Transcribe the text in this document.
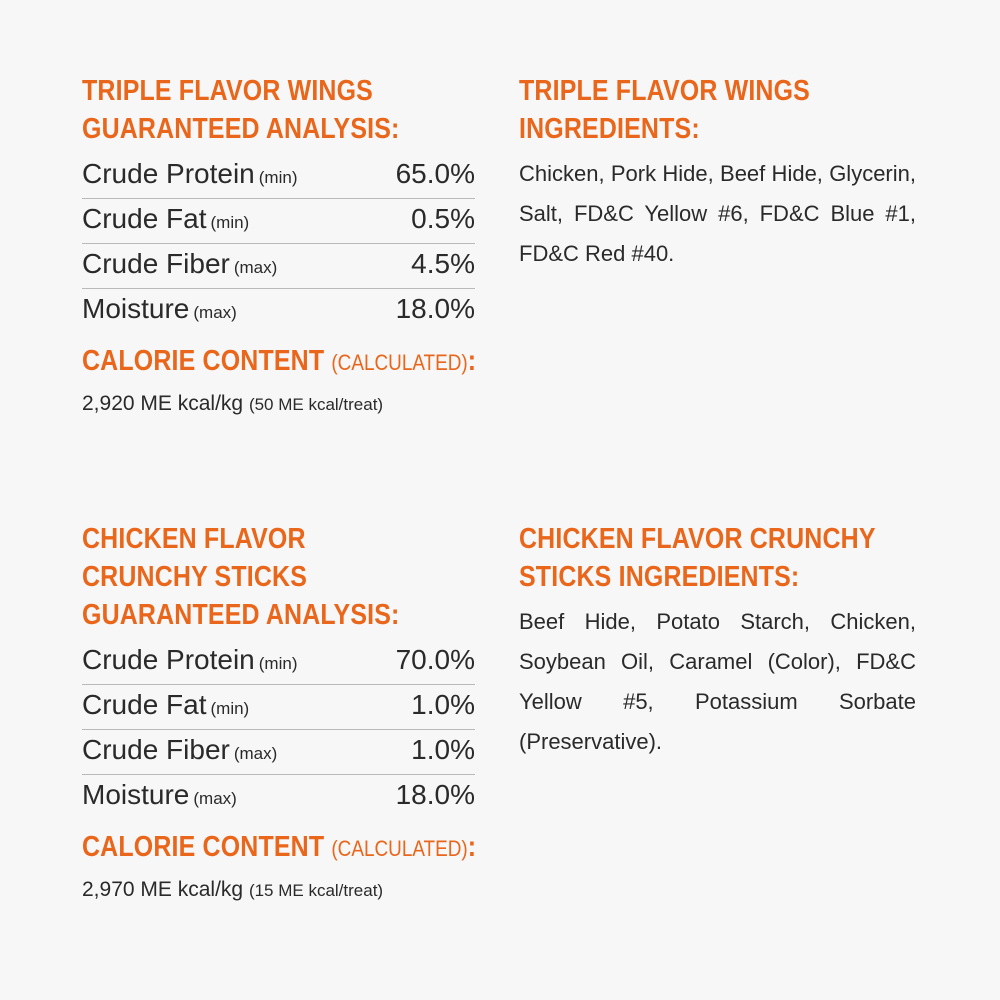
TRIPLE FLAVOR WINGS
GUARANTEED ANALYSIS:
Crude Protein (min)	65.0%
Crude Fat (min)	0.5%
Crude Fiber (max)	4.5%
Moisture (max)	18.0%
CALORIE CONTENT (CALCULATED):
2,920 ME kcal/kg (50 ME kcal/treat)
TRIPLE FLAVOR WINGS
INGREDIENTS:
Chicken, Pork Hide, Beef Hide, Glycerin, Salt, FD&C Yellow #6, FD&C Blue #1, FD&C Red #40.
CHICKEN FLAVOR
CRUNCHY STICKS
GUARANTEED ANALYSIS:
Crude Protein (min)	70.0%
Crude Fat (min)	1.0%
Crude Fiber (max)	1.0%
Moisture (max)	18.0%
CALORIE CONTENT (CALCULATED):
2,970 ME kcal/kg (15 ME kcal/treat)
CHICKEN FLAVOR CRUNCHY
STICKS INGREDIENTS:
Beef Hide, Potato Starch, Chicken, Soybean Oil, Caramel (Color), FD&C Yellow #5, Potassium Sorbate (Preservative).
